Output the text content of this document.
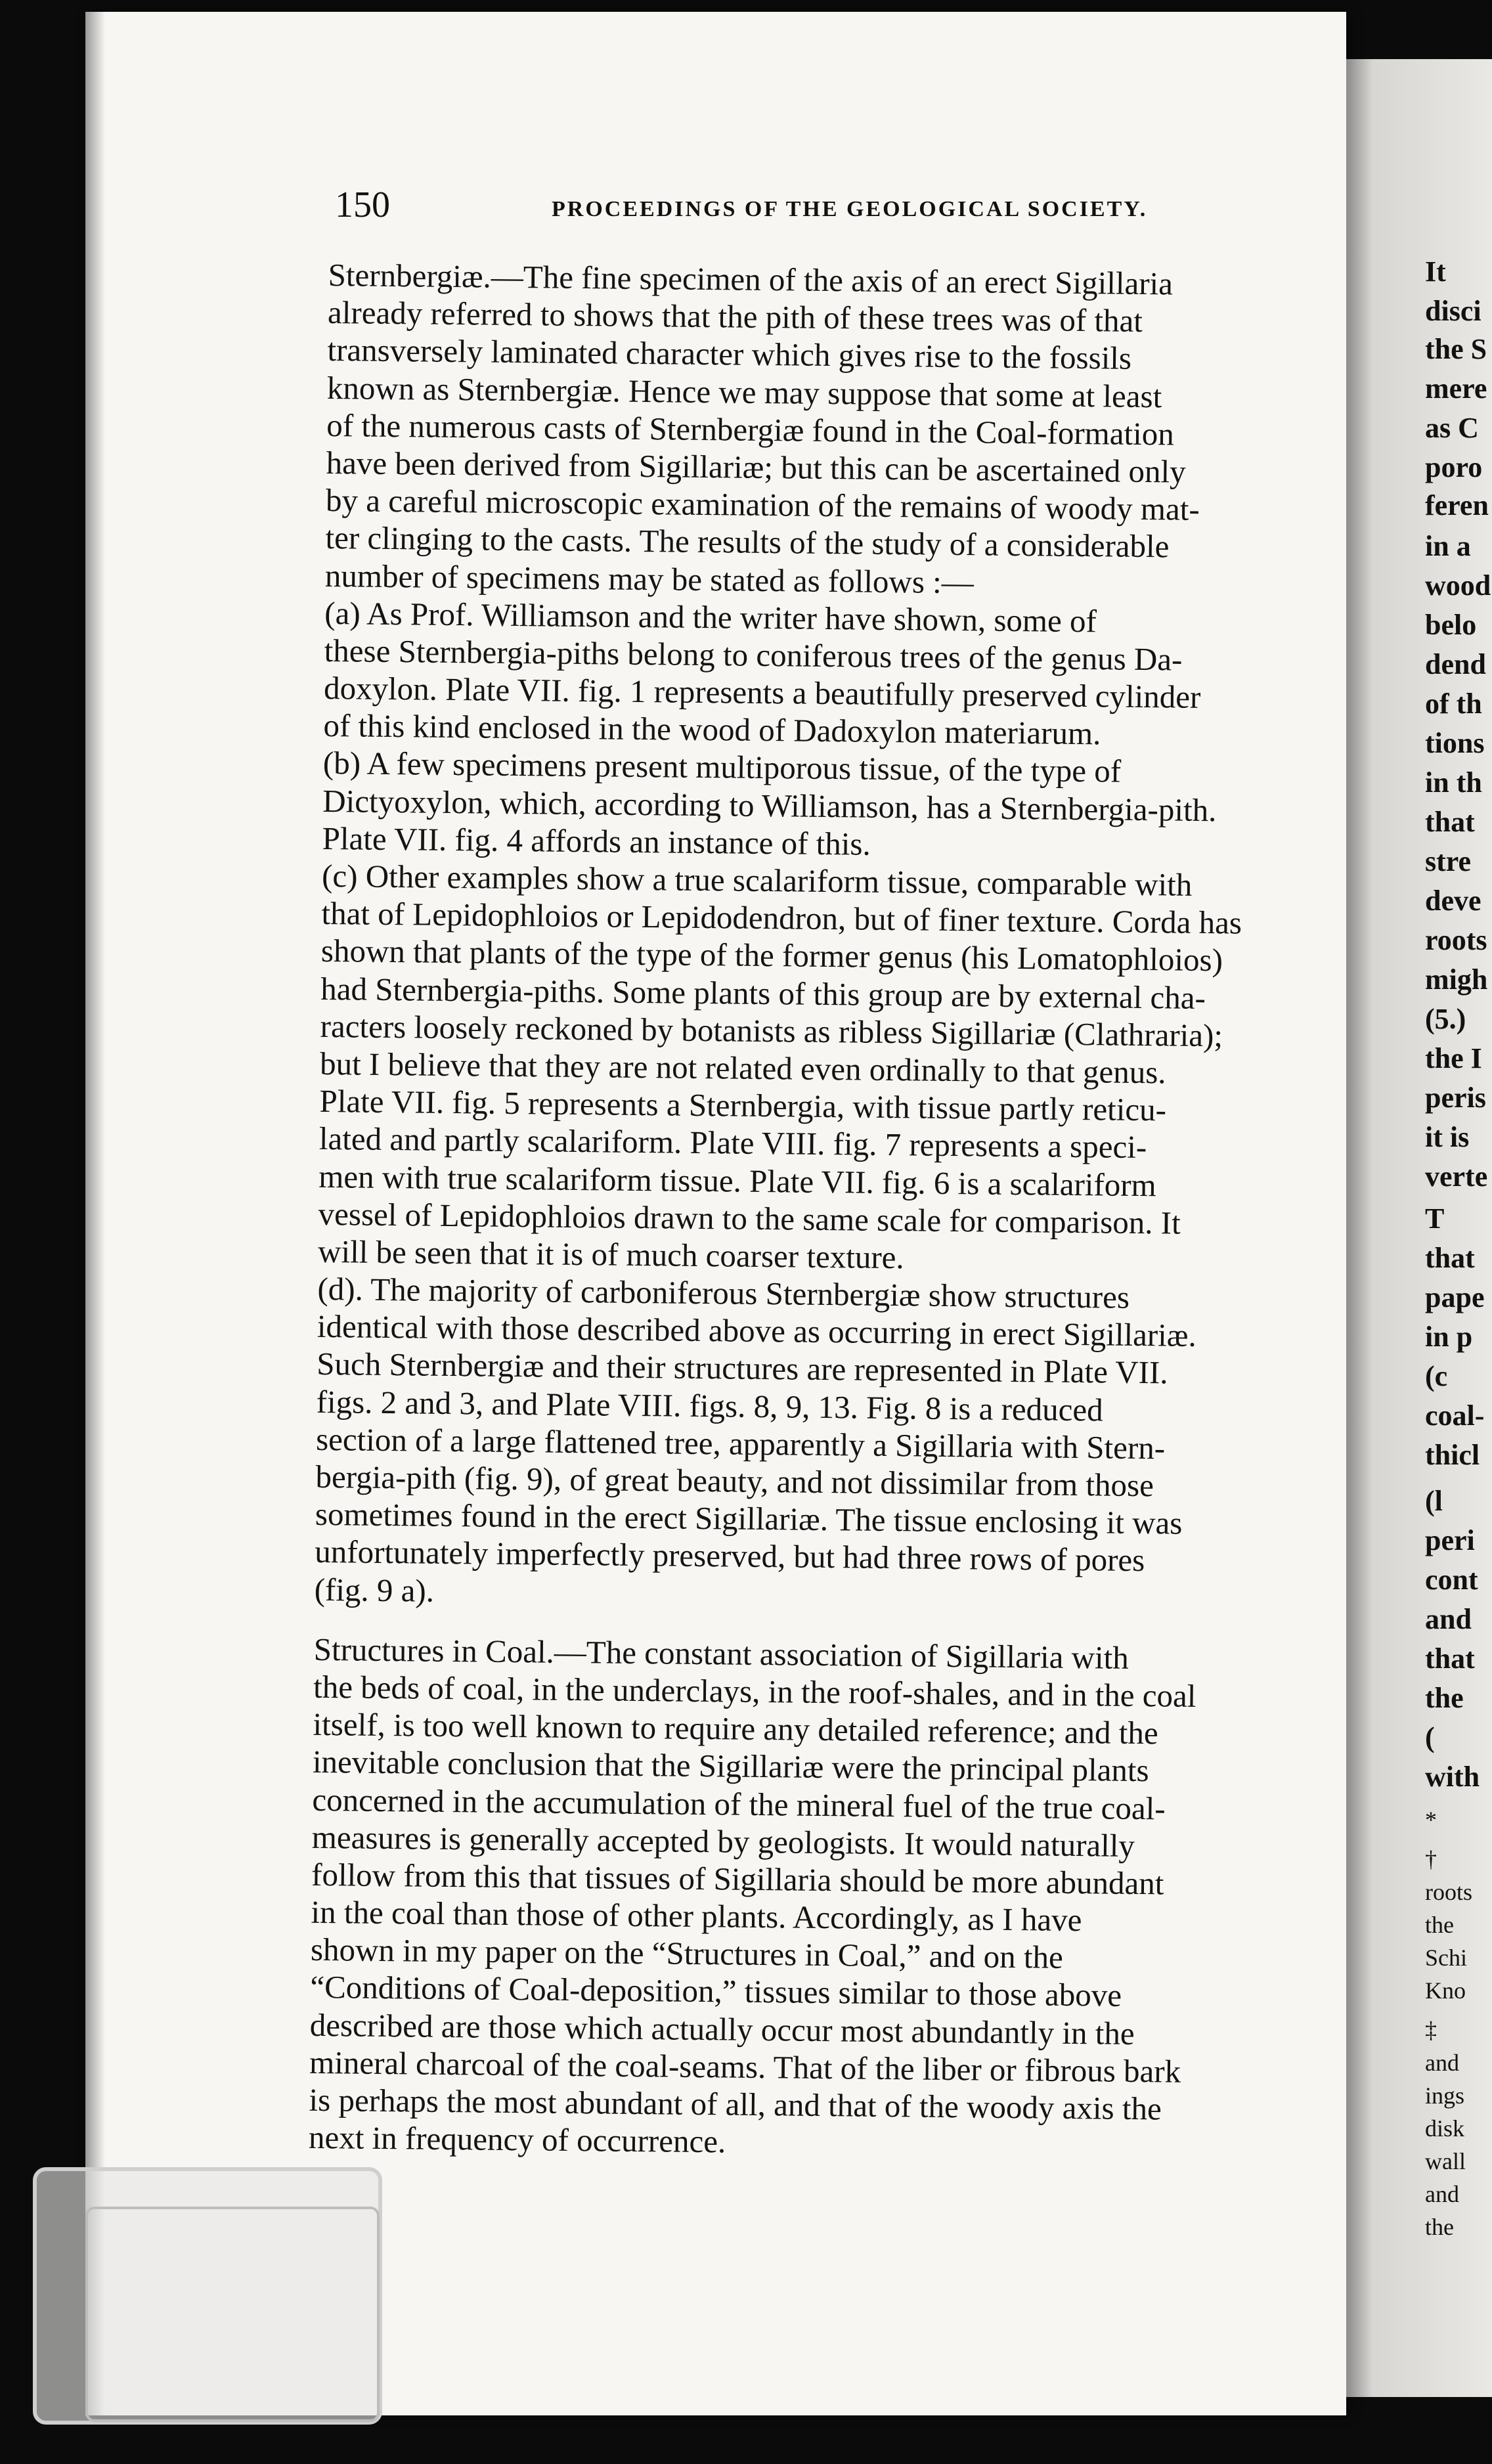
It
disci
the S
mere
as C
poro
feren
in a
wood
belo
dend
of th
tions
in th
that
stre
deve
roots
migh
(5.)
the I
peris
it is
verte
T
that
pape
in p
(c
coal-
thicl
(l
peri
cont
and
that
the
(
with
*
†
roots
the
Schi
Kno
‡
and
ings
disk
wall
and
the
150	PROCEEDINGS OF THE GEOLOGICAL SOCIETY.
Sternbergiæ.—The fine specimen of the axis of an erect Sigillaria
already referred to shows that the pith of these trees was of that
transversely laminated character which gives rise to the fossils
known as Sternbergiæ. Hence we may suppose that some at least
of the numerous casts of Sternbergiæ found in the Coal-formation
have been derived from Sigillariæ; but this can be ascertained only
by a careful microscopic examination of the remains of woody mat-
ter clinging to the casts. The results of the study of a considerable
number of specimens may be stated as follows :—
(a) As Prof. Williamson and the writer have shown, some of
these Sternbergia-piths belong to coniferous trees of the genus Da-
doxylon. Plate VII. fig. 1 represents a beautifully preserved cylinder
of this kind enclosed in the wood of Dadoxylon materiarum.
(b) A few specimens present multiporous tissue, of the type of
Dictyoxylon, which, according to Williamson, has a Sternbergia-pith.
Plate VII. fig. 4 affords an instance of this.
(c) Other examples show a true scalariform tissue, comparable with
that of Lepidophloios or Lepidodendron, but of finer texture. Corda has
shown that plants of the type of the former genus (his Lomatophloios)
had Sternbergia-piths. Some plants of this group are by external cha-
racters loosely reckoned by botanists as ribless Sigillariæ (Clathraria);
but I believe that they are not related even ordinally to that genus.
Plate VII. fig. 5 represents a Sternbergia, with tissue partly reticu-
lated and partly scalariform. Plate VIII. fig. 7 represents a speci-
men with true scalariform tissue. Plate VII. fig. 6 is a scalariform
vessel of Lepidophloios drawn to the same scale for comparison. It
will be seen that it is of much coarser texture.
(d). The majority of carboniferous Sternbergiæ show structures
identical with those described above as occurring in erect Sigillariæ.
Such Sternbergiæ and their structures are represented in Plate VII.
figs. 2 and 3, and Plate VIII. figs. 8, 9, 13. Fig. 8 is a reduced
section of a large flattened tree, apparently a Sigillaria with Stern-
bergia-pith (fig. 9), of great beauty, and not dissimilar from those
sometimes found in the erect Sigillariæ. The tissue enclosing it was
unfortunately imperfectly preserved, but had three rows of pores
(fig. 9 a).
Structures in Coal.—The constant association of Sigillaria with
the beds of coal, in the underclays, in the roof-shales, and in the coal
itself, is too well known to require any detailed reference; and the
inevitable conclusion that the Sigillariæ were the principal plants
concerned in the accumulation of the mineral fuel of the true coal-
measures is generally accepted by geologists. It would naturally
follow from this that tissues of Sigillaria should be more abundant
in the coal than those of other plants. Accordingly, as I have
shown in my paper on the “Structures in Coal,” and on the
“Conditions of Coal-deposition,” tissues similar to those above
described are those which actually occur most abundantly in the
mineral charcoal of the coal-seams. That of the liber or fibrous bark
is perhaps the most abundant of all, and that of the woody axis the
next in frequency of occurrence.
